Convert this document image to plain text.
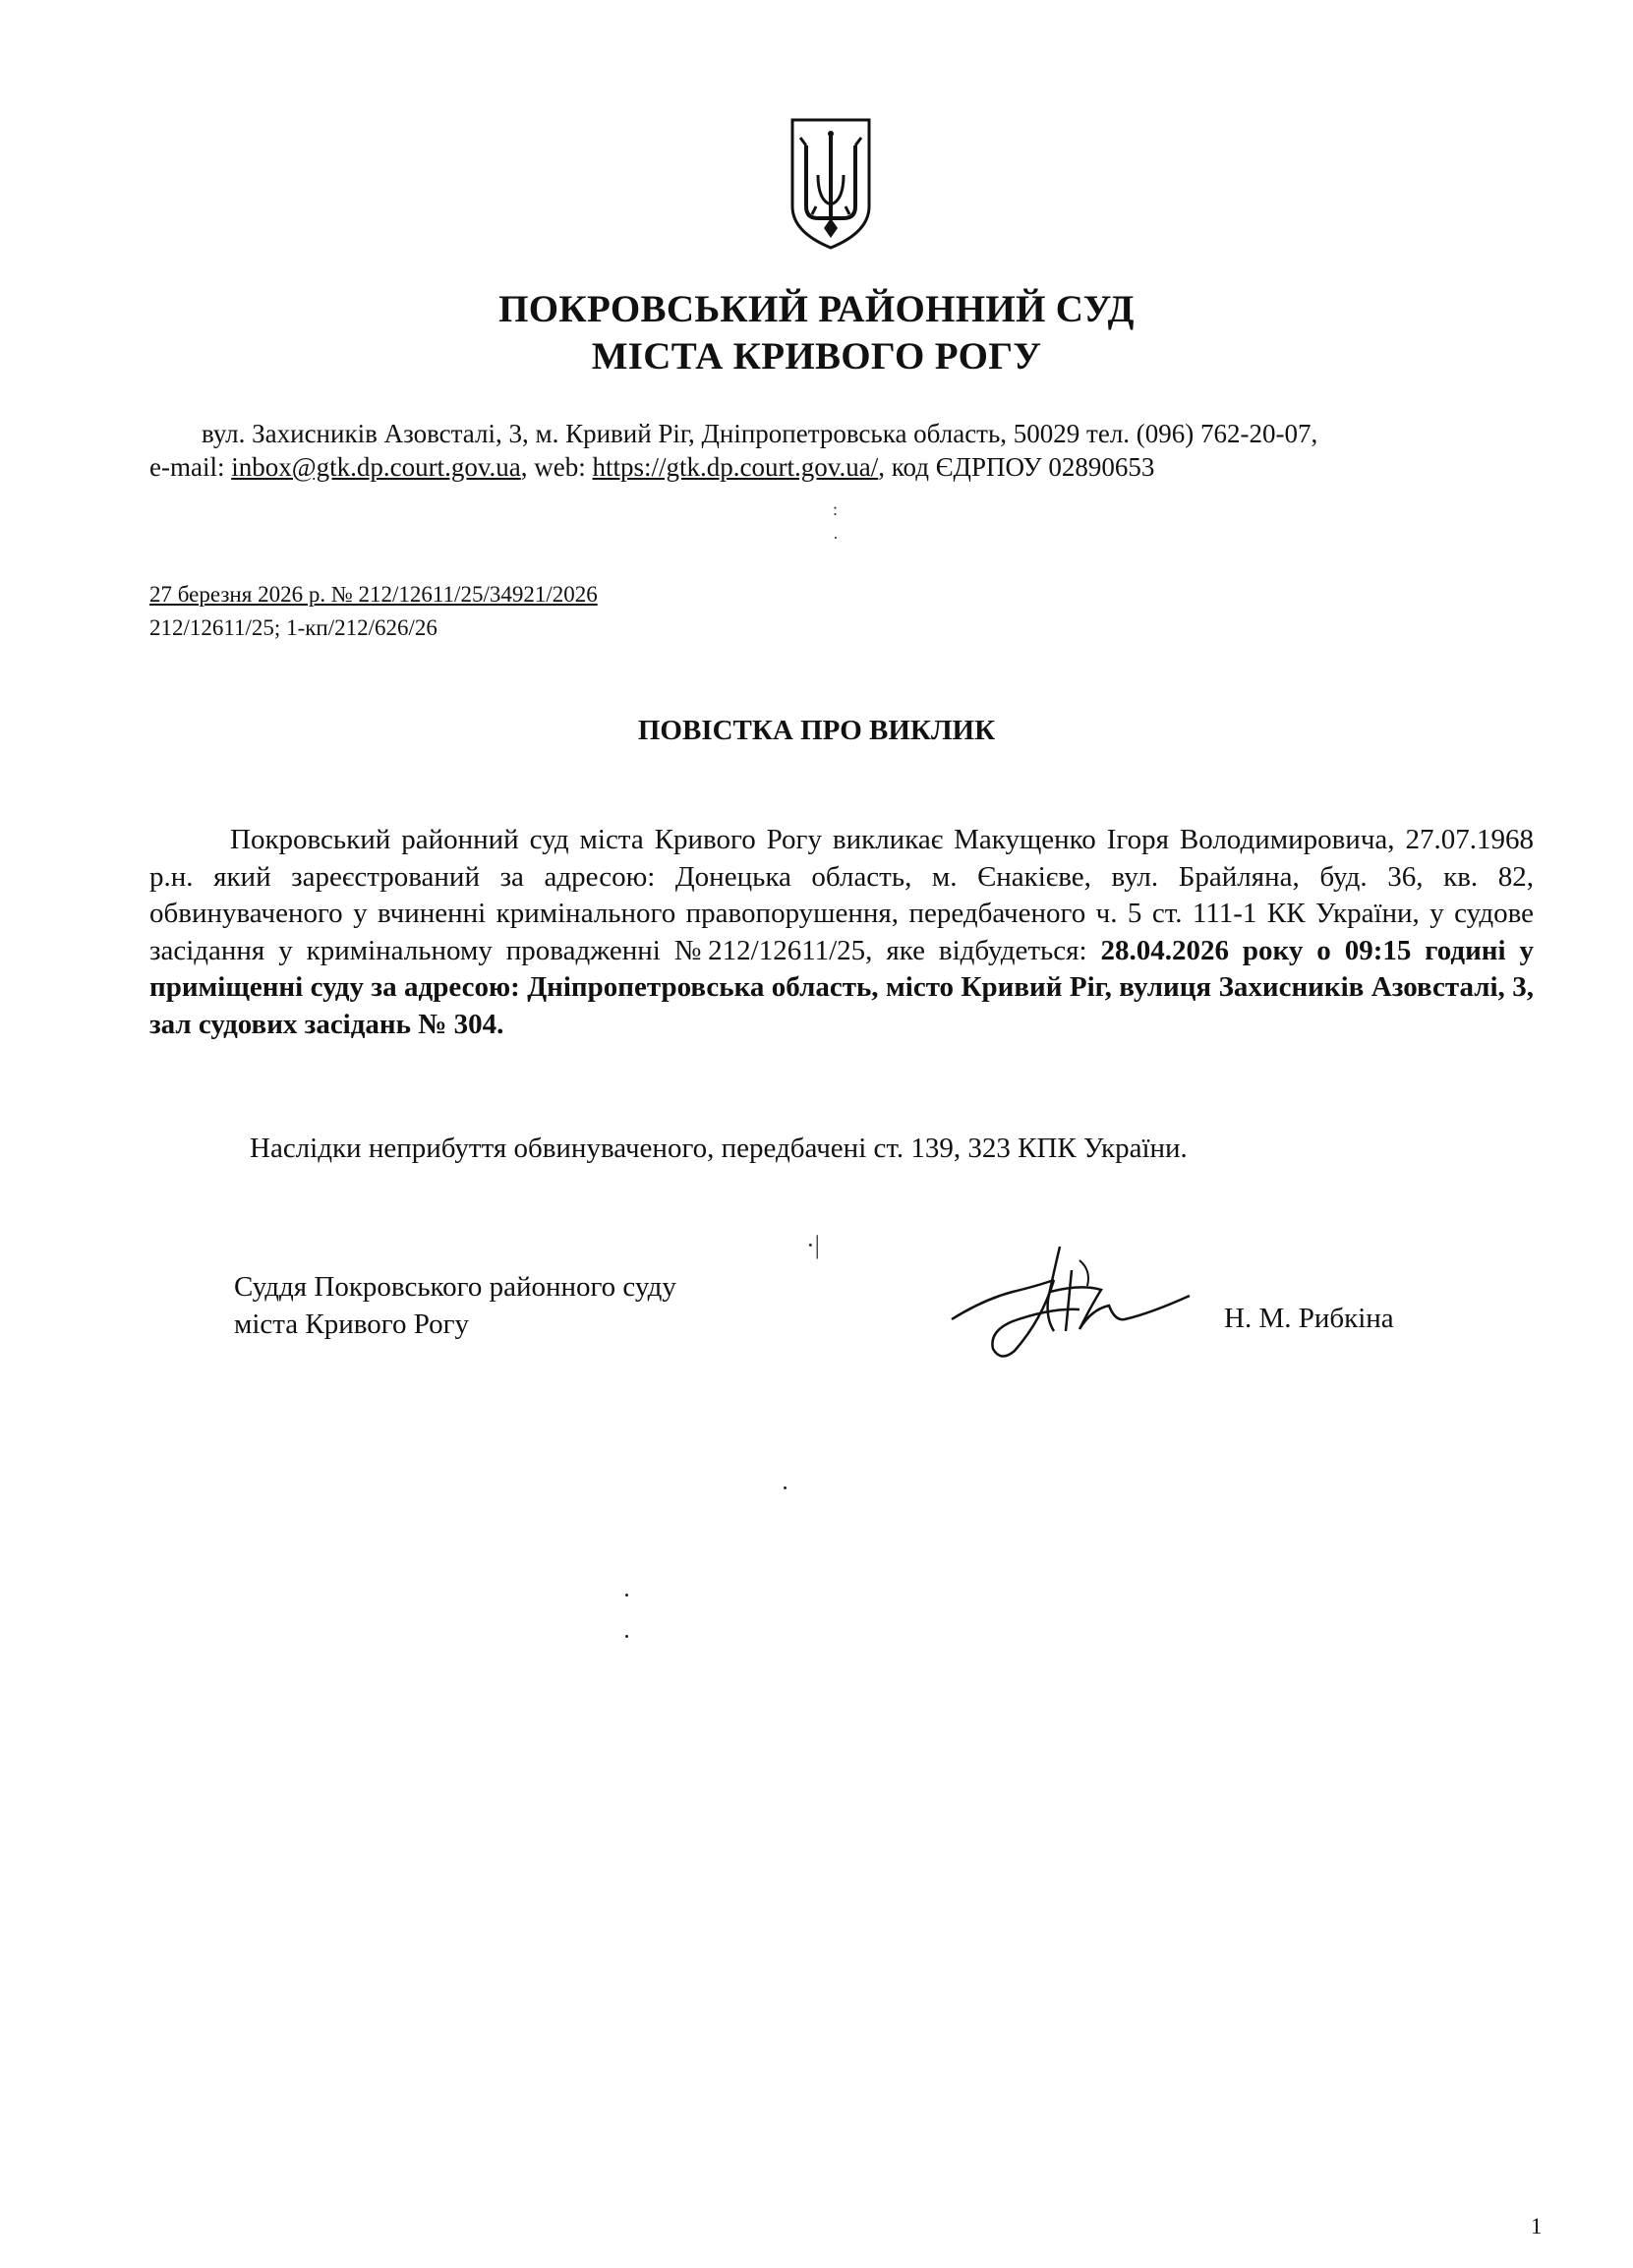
ПОКРОВСЬКИЙ РАЙОННИЙ СУД
МІСТА КРИВОГО РОГУ
вул. Захисників Азовсталі, 3, м. Кривий Ріг, Дніпропетровська область, 50029 тел. (096) 762-20-07,
e-mail: inbox@gtk.dp.court.gov.ua, web: https://gtk.dp.court.gov.ua/, код ЄДРПОУ 02890653
:
27 березня 2026 р. № 212/12611/25/34921/2026
212/12611/25; 1-кп/212/626/26
ПОВІСТКА ПРО ВИКЛИК
Покровський районний суд міста Кривого Рогу викликає Макущенко Ігоря Володимировича, 27.07.1968 р.н. який зареєстрований за адресою: Донецька область, м. Єнакієве, вул. Брайляна, буд. 36, кв. 82, обвинуваченого у вчиненні кримінального правопорушення, передбаченого ч. 5 ст. 111-1 КК України, у судове засідання у кримінальному провадженні №212/12611/25, яке відбудеться: 28.04.2026 року о 09:15 годині у приміщенні суду за адресою: Дніпропетровська область, місто Кривий Ріг, вулиця Захисників Азовсталі, 3, зал судових засідань № 304.
Наслідки неприбуття обвинуваченого, передбачені ст. 139, 323 КПК України.
·|
Суддя Покровського районного суду
міста Кривого Рогу	Н. М. Рибкіна
1
